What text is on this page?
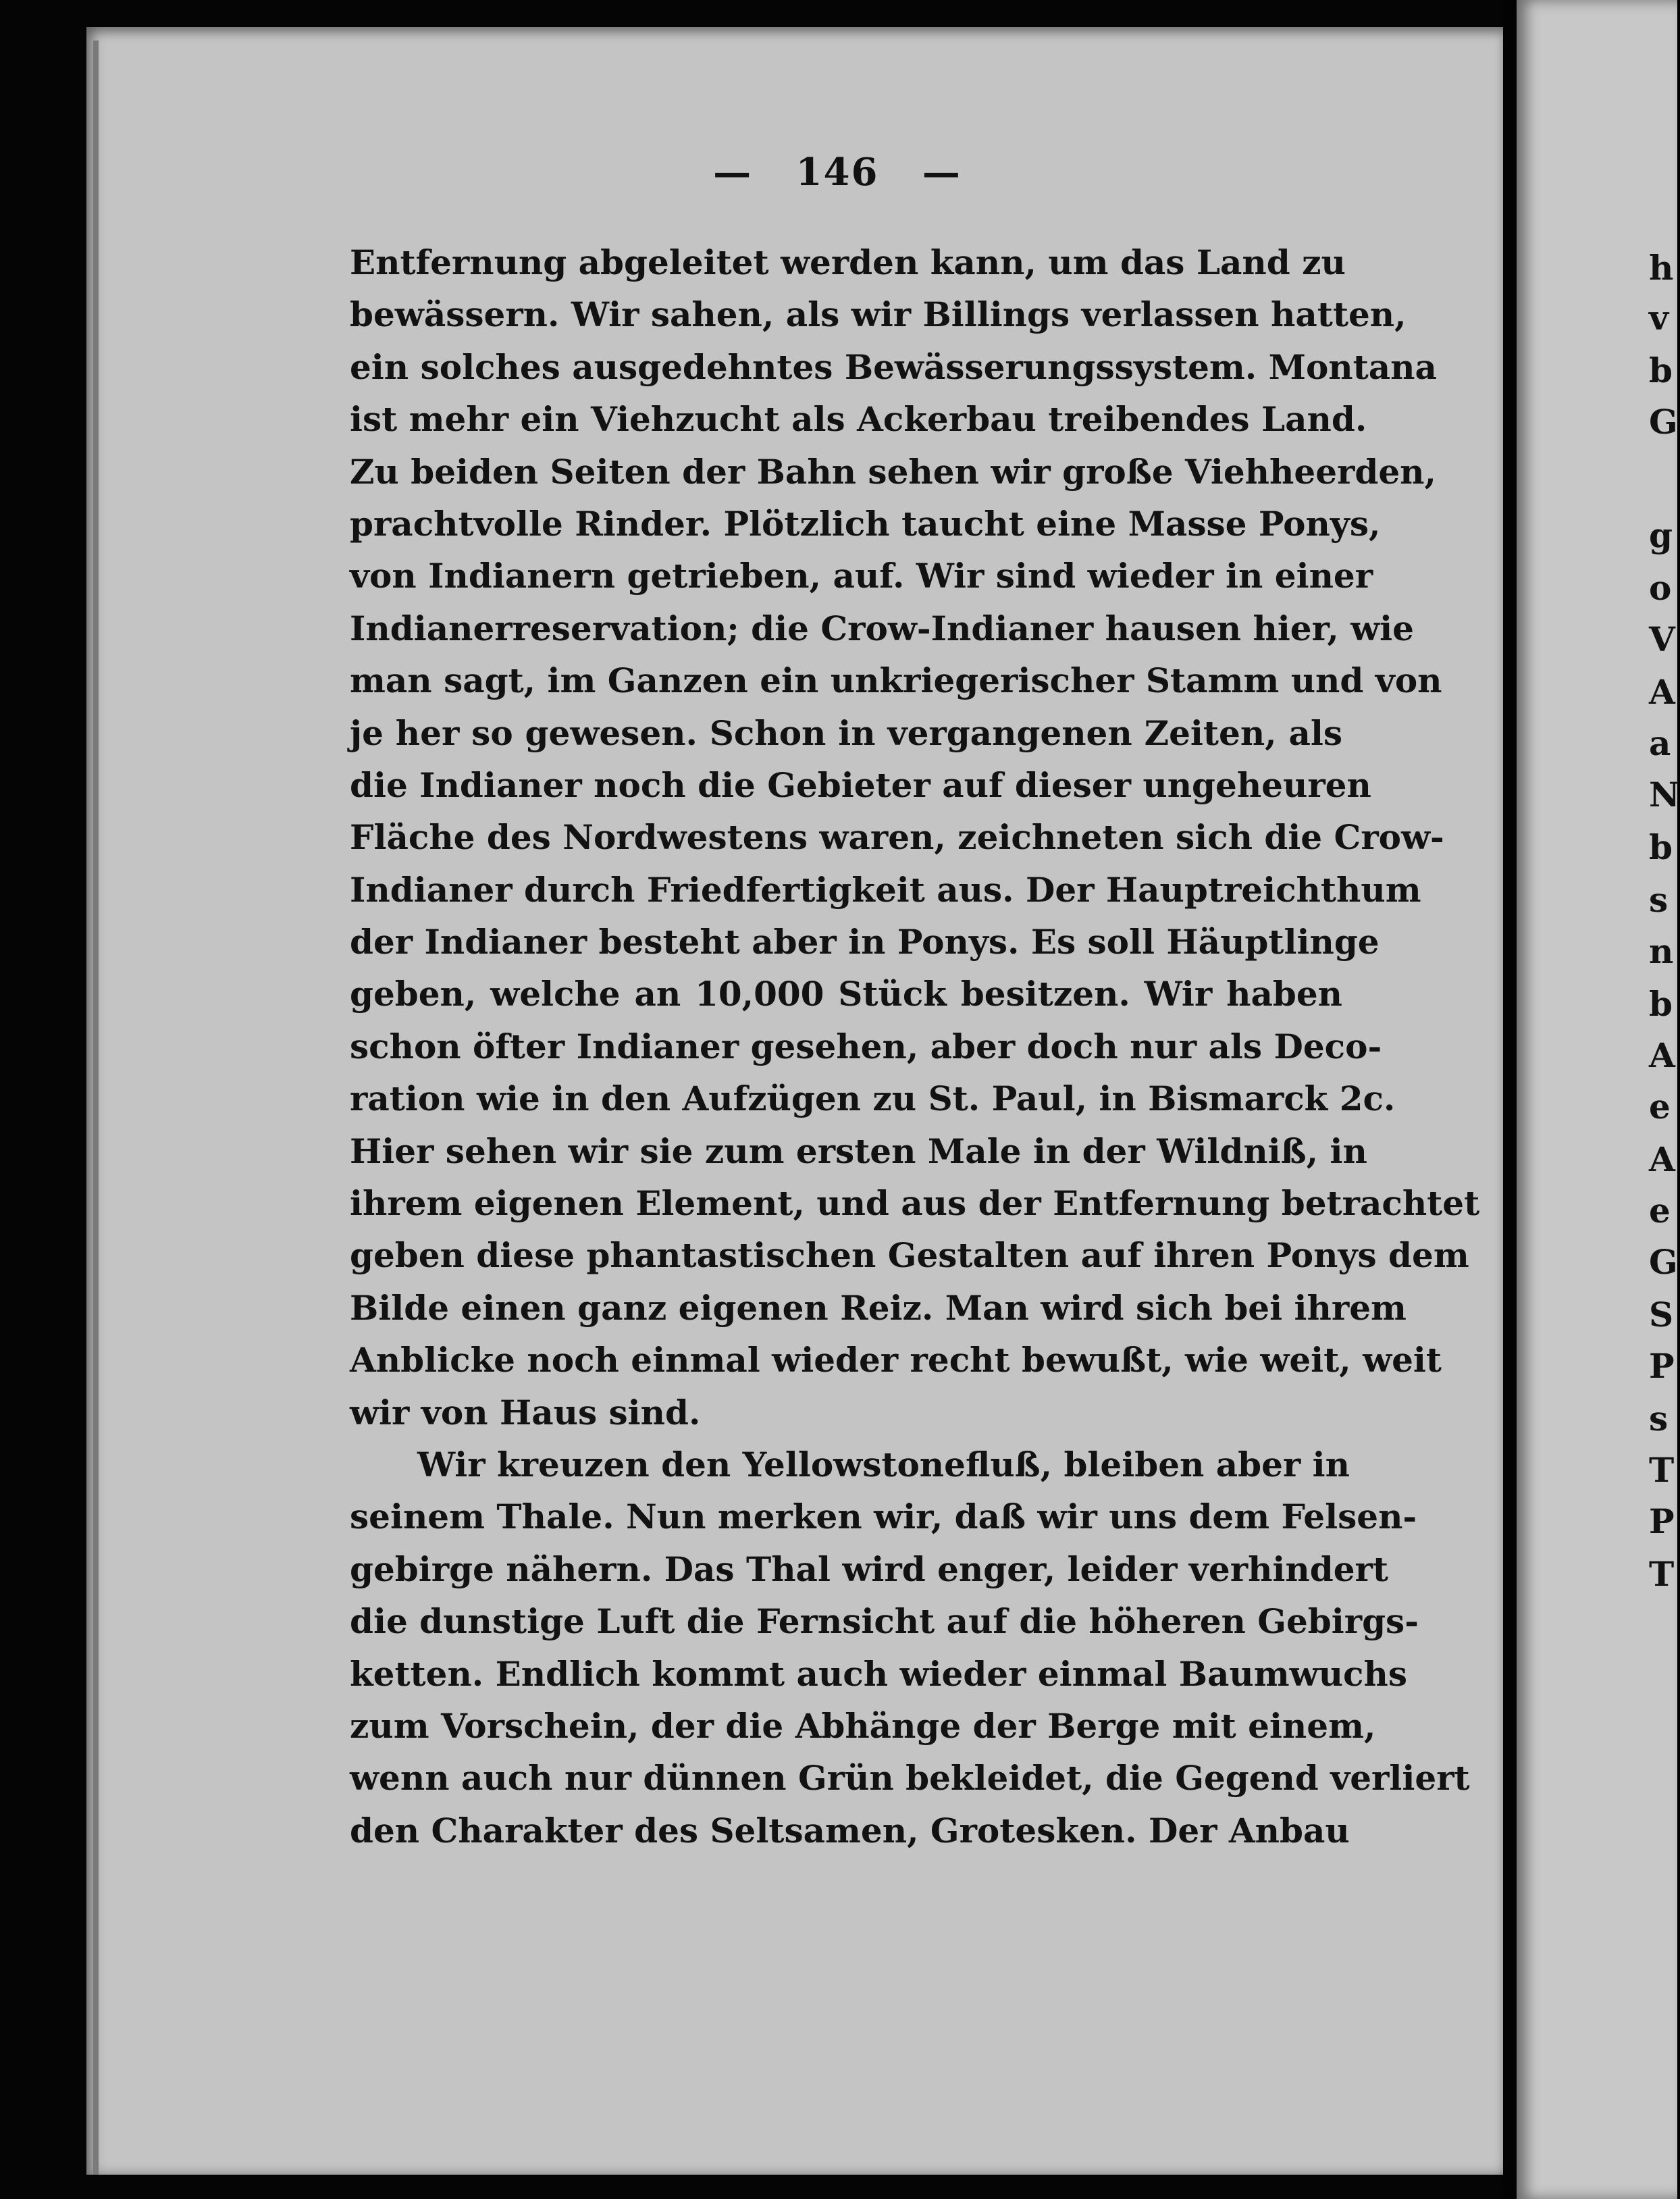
—   146   —
Entfernung abgeleitet werden kann, um das Land zu
bewässern. Wir sahen, als wir Billings verlassen hatten,
ein solches ausgedehntes Bewässerungssystem. Montana
ist mehr ein Viehzucht als Ackerbau treibendes Land.
Zu beiden Seiten der Bahn sehen wir große Viehheerden,
prachtvolle Rinder. Plötzlich taucht eine Masse Ponys,
von Indianern getrieben, auf. Wir sind wieder in einer
Indianerreservation; die Crow-Indianer hausen hier, wie
man sagt, im Ganzen ein unkriegerischer Stamm und von
je her so gewesen. Schon in vergangenen Zeiten, als
die Indianer noch die Gebieter auf dieser ungeheuren
Fläche des Nordwestens waren, zeichneten sich die Crow-
Indianer durch Friedfertigkeit aus. Der Hauptreichthum
der Indianer besteht aber in Ponys. Es soll Häuptlinge
geben, welche an 10,000 Stück besitzen. Wir haben
schon öfter Indianer gesehen, aber doch nur als Deco-
ration wie in den Aufzügen zu St. Paul, in Bismarck 2c.
Hier sehen wir sie zum ersten Male in der Wildniß, in
ihrem eigenen Element, und aus der Entfernung betrachtet
geben diese phantastischen Gestalten auf ihren Ponys dem
Bilde einen ganz eigenen Reiz. Man wird sich bei ihrem
Anblicke noch einmal wieder recht bewußt, wie weit, weit
wir von Haus sind.
Wir kreuzen den Yellowstonefluß, bleiben aber in
seinem Thale. Nun merken wir, daß wir uns dem Felsen-
gebirge nähern. Das Thal wird enger, leider verhindert
die dunstige Luft die Fernsicht auf die höheren Gebirgs-
ketten. Endlich kommt auch wieder einmal Baumwuchs
zum Vorschein, der die Abhänge der Berge mit einem,
wenn auch nur dünnen Grün bekleidet, die Gegend verliert
den Charakter des Seltsamen, Grotesken. Der Anbau
h
v
b
G
g
o
V
A
a
N
b
s
n
b
A
e
A
e
G
S
P
s
T
P
T
